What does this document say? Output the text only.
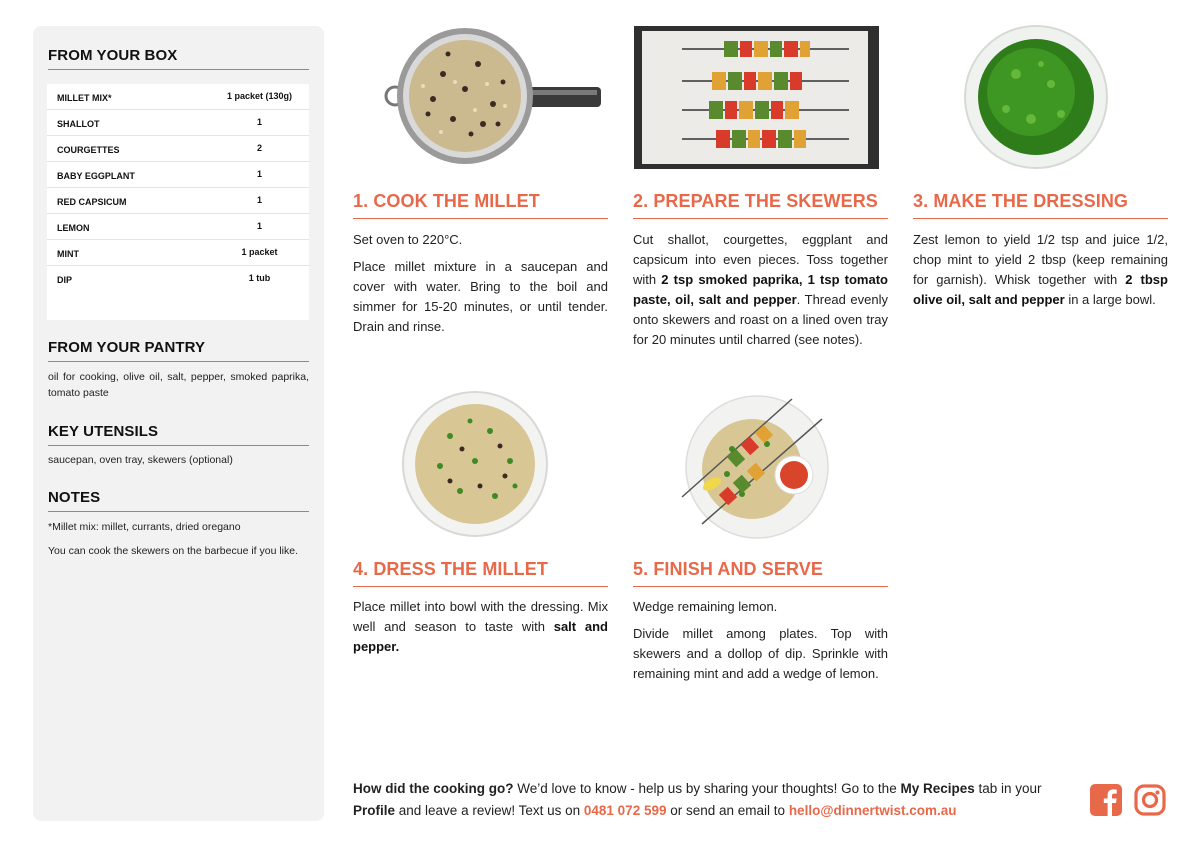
FROM YOUR BOX
MILLET MIX*	1 packet (130g)
SHALLOT	1
COURGETTES	2
BABY EGGPLANT	1
RED CAPSICUM	1
LEMON	1
MINT	1 packet
DIP	1 tub
FROM YOUR PANTRY
oil for cooking, olive oil, salt, pepper, smoked paprika, tomato paste
KEY UTENSILS
saucepan, oven tray, skewers (optional)
NOTES
*Millet mix: millet, currants, dried oregano
You can cook the skewers on the barbecue if you like.
1. COOK THE MILLET

Set oven to 220°C.

Place millet mixture in a saucepan and cover with water. Bring to the boil and simmer for 15-20 minutes, or until tender. Drain and rinse.

2. PREPARE THE SKEWERS

Cut shallot, courgettes, eggplant and capsicum into even pieces. Toss together with 2 tsp smoked paprika, 1 tsp tomato paste, oil, salt and pepper. Thread evenly onto skewers and roast on a lined oven tray for 20 minutes until charred (see notes).

3. MAKE THE DRESSING

Zest lemon to yield 1/2 tsp and juice 1/2, chop mint to yield 2 tbsp (keep remaining for garnish). Whisk together with 2 tbsp olive oil, salt and pepper in a large bowl.

4. DRESS THE MILLET

Place millet into bowl with the dressing. Mix well and season to taste with salt and pepper.

5. FINISH AND SERVE

Wedge remaining lemon.

Divide millet among plates. Top with skewers and a dollop of dip. Sprinkle with remaining mint and add a wedge of lemon.

How did the cooking go? We’d love to know - help us by sharing your thoughts! Go to the My Recipes tab in your Profile and leave a review! Text us on 0481 072 599 or send an email to hello@dinnertwist.com.au
